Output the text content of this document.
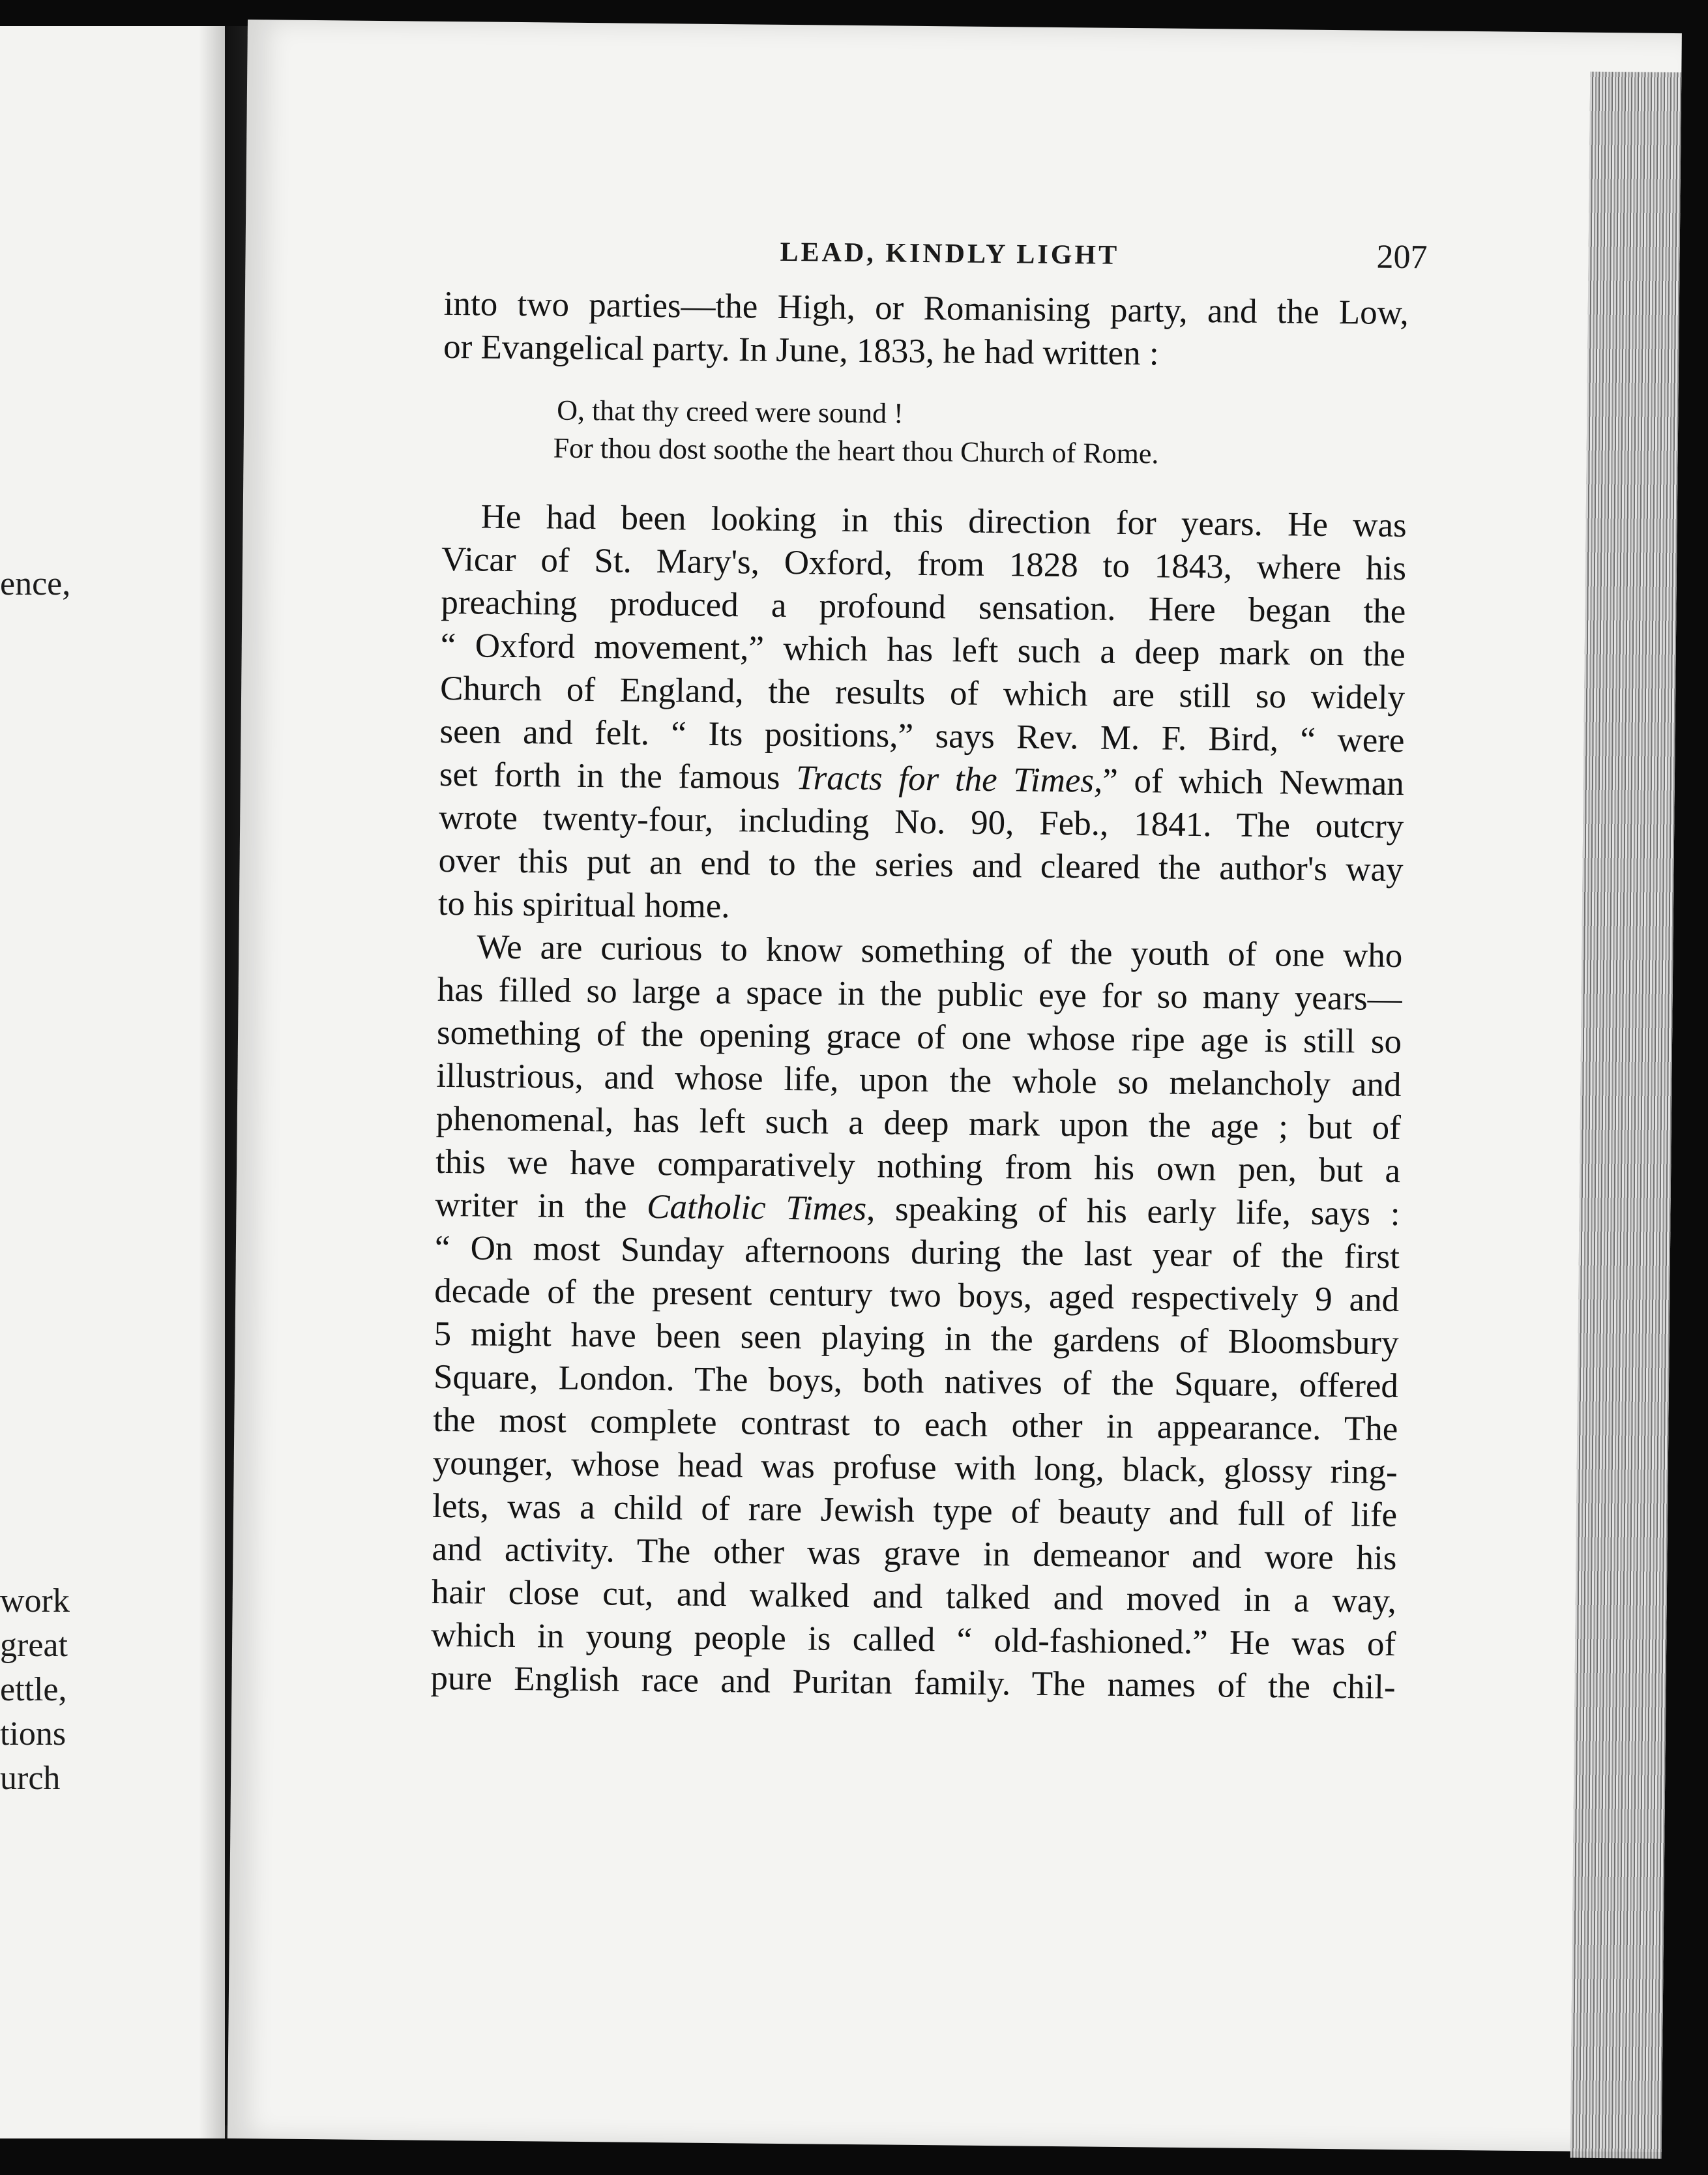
ence,
work
great
ettle,
tions
urch
LEAD, KINDLY LIGHT	207
into two parties—the High, or Romanising party, and the Low,
or Evangelical party. In June, 1833, he had written :
O, that thy creed were sound !
For thou dost soothe the heart thou Church of Rome.
He had been looking in this direction for years. He was
Vicar of St. Mary's, Oxford, from 1828 to 1843, where his
preaching produced a profound sensation. Here began the
“ Oxford movement,” which has left such a deep mark on the
Church of England, the results of which are still so widely
seen and felt. “ Its positions,” says Rev. M. F. Bird, “ were
set forth in the famous Tracts for the Times,” of which Newman
wrote twenty-four, including No. 90, Feb., 1841. The outcry
over this put an end to the series and cleared the author's way
to his spiritual home.
We are curious to know something of the youth of one who
has filled so large a space in the public eye for so many years—
something of the opening grace of one whose ripe age is still so
illustrious, and whose life, upon the whole so melancholy and
phenomenal, has left such a deep mark upon the age ; but of
this we have comparatively nothing from his own pen, but a
writer in the Catholic Times, speaking of his early life, says :
“ On most Sunday afternoons during the last year of the first
decade of the present century two boys, aged respectively 9 and
5 might have been seen playing in the gardens of Bloomsbury
Square, London. The boys, both natives of the Square, offered
the most complete contrast to each other in appearance. The
younger, whose head was profuse with long, black, glossy ring-
lets, was a child of rare Jewish type of beauty and full of life
and activity. The other was grave in demeanor and wore his
hair close cut, and walked and talked and moved in a way,
which in young people is called “ old-fashioned.” He was of
pure English race and Puritan family. The names of the chil-
